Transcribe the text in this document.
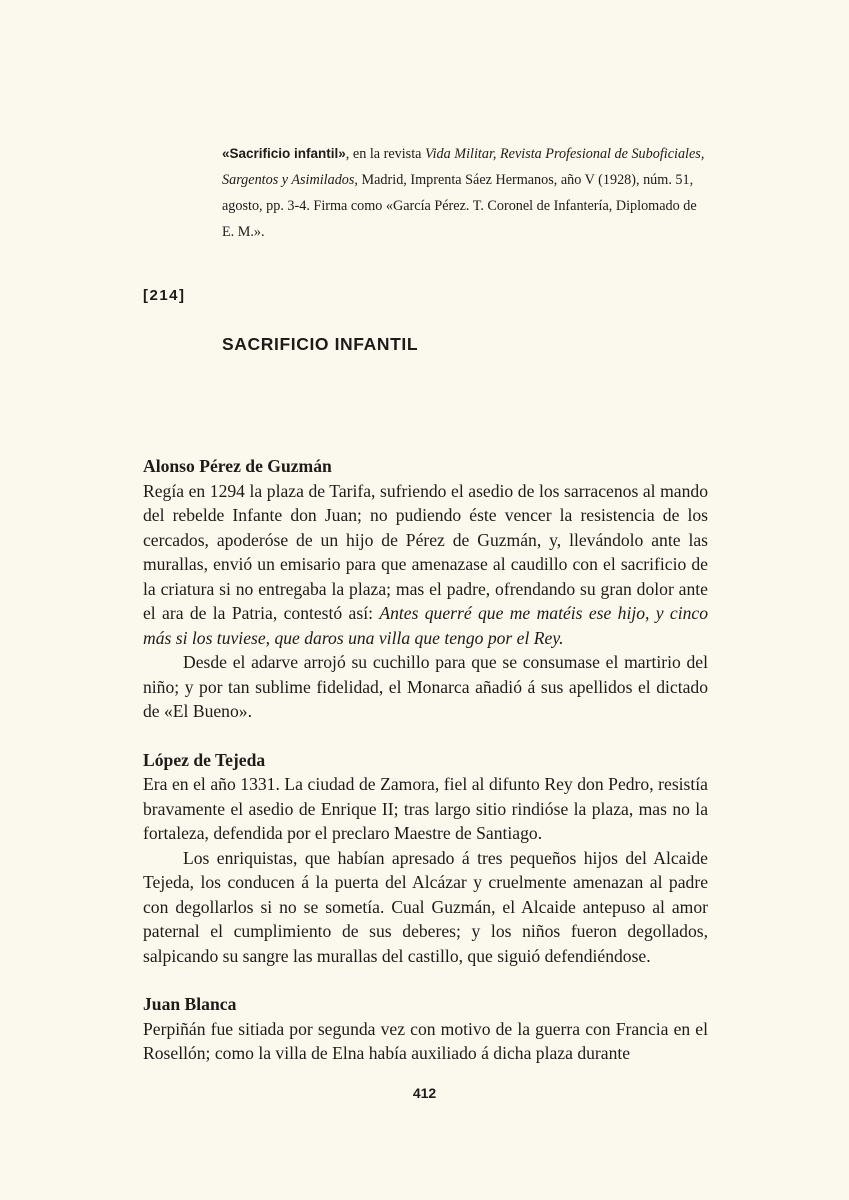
«Sacrificio infantil», en la revista Vida Militar, Revista Profesional de Suboficiales, Sargentos y Asimilados, Madrid, Imprenta Sáez Hermanos, año V (1928), núm. 51, agosto, pp. 3-4. Firma como «García Pérez. T. Coronel de Infantería, Diplomado de E. M.».
[214]
SACRIFICIO INFANTIL

Alonso Pérez de Guzmán

Regía en 1294 la plaza de Tarifa, sufriendo el asedio de los sarracenos al mando del rebelde Infante don Juan; no pudiendo éste vencer la resistencia de los cercados, apoderóse de un hijo de Pérez de Guzmán, y, llevándolo ante las murallas, envió un emisario para que amenazase al caudillo con el sacrificio de la criatura si no entregaba la plaza; mas el padre, ofrendando su gran dolor ante el ara de la Patria, contestó así: Antes querré que me matéis ese hijo, y cinco más si los tuviese, que daros una villa que tengo por el Rey.

Desde el adarve arrojó su cuchillo para que se consumase el martirio del niño; y por tan sublime fidelidad, el Monarca añadió á sus apellidos el dictado de «El Bueno».

López de Tejeda

Era en el año 1331. La ciudad de Zamora, fiel al difunto Rey don Pedro, resistía bravamente el asedio de Enrique II; tras largo sitio rindióse la plaza, mas no la fortaleza, defendida por el preclaro Maestre de Santiago.

Los enriquistas, que habían apresado á tres pequeños hijos del Alcaide Tejeda, los conducen á la puerta del Alcázar y cruelmente amenazan al padre con degollarlos si no se sometía. Cual Guzmán, el Alcaide antepuso al amor paternal el cumplimiento de sus deberes; y los niños fueron degollados, salpicando su sangre las murallas del castillo, que siguió defendiéndose.

Juan Blanca

Perpiñán fue sitiada por segunda vez con motivo de la guerra con Francia en el Rosellón; como la villa de Elna había auxiliado á dicha plaza durante

412
